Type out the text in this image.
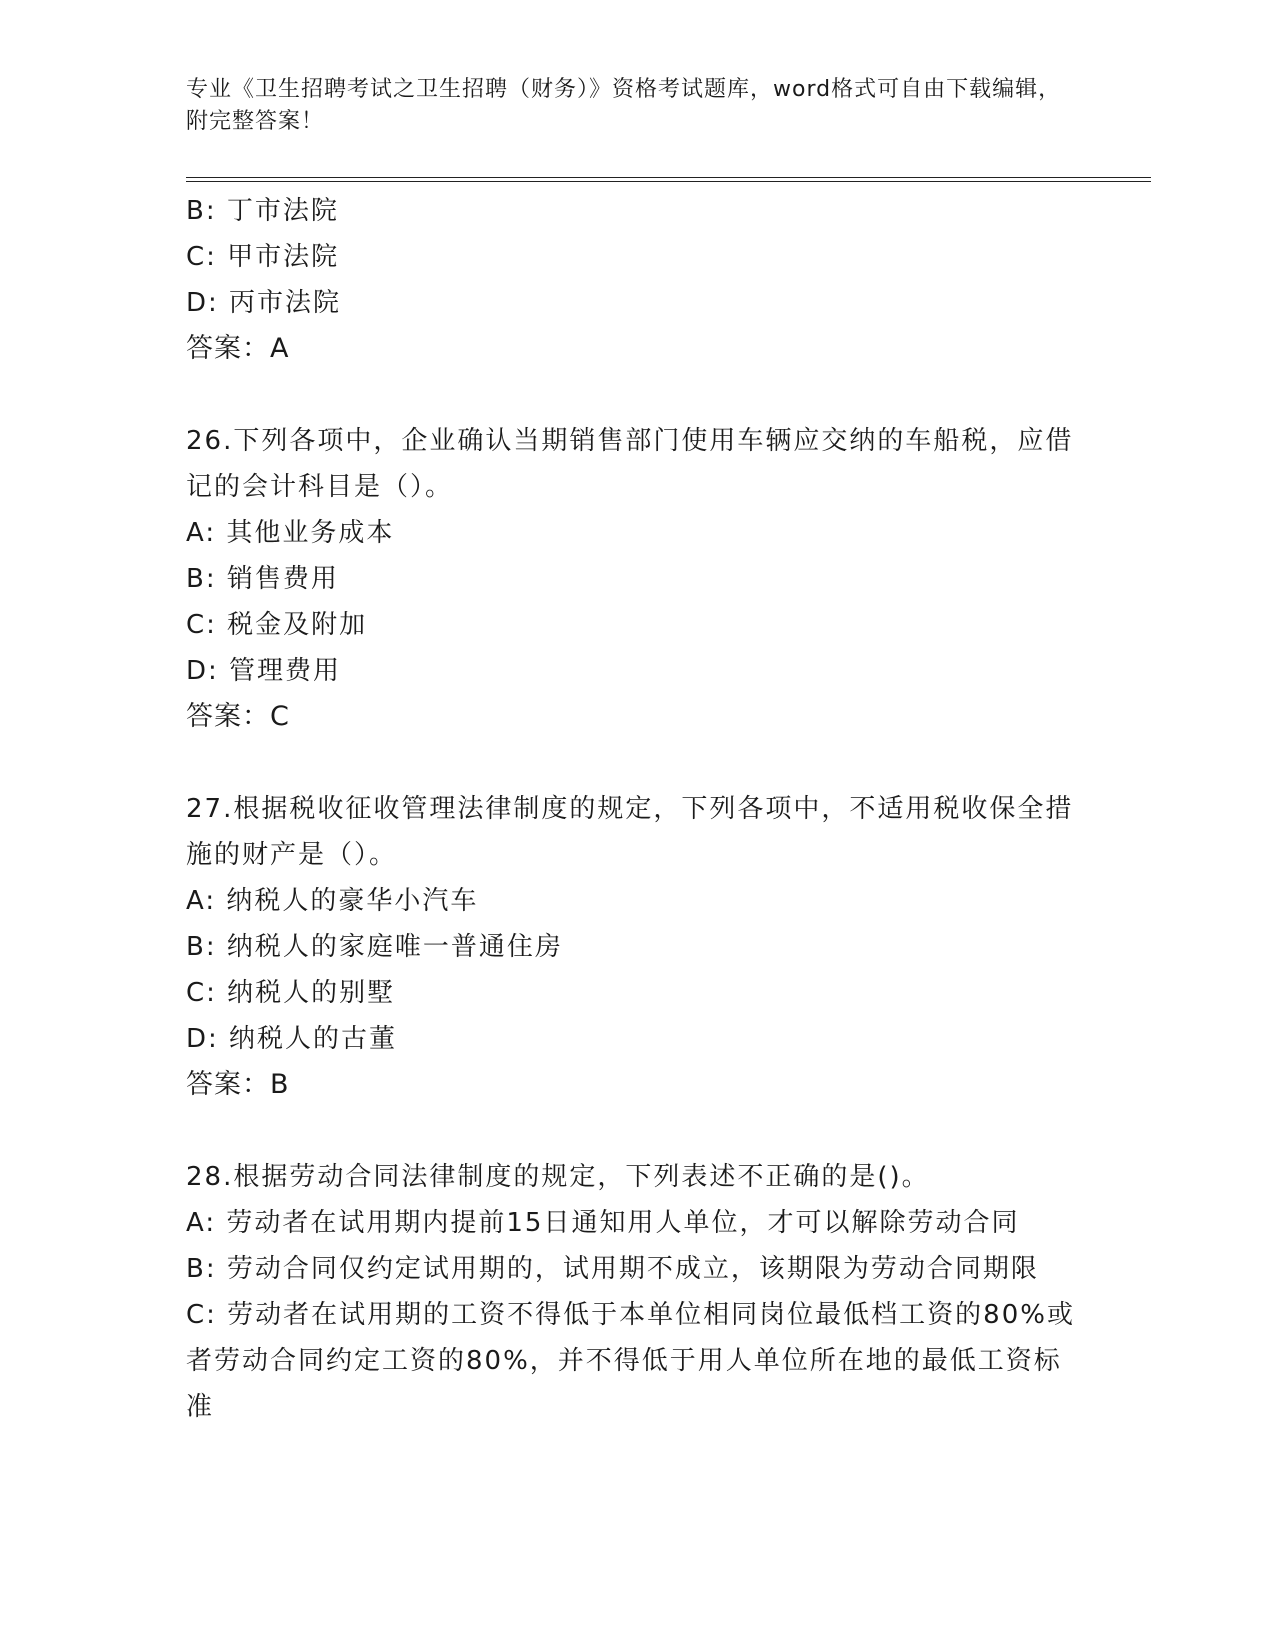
专业《卫生招聘考试之卫生招聘（财务）》资格考试题库，word格式可自由下载编辑，附完整答案！
B: 丁市法院
C: 甲市法院
D: 丙市法院
答案：A
26.下列各项中，企业确认当期销售部门使用车辆应交纳的车船税，应借记的会计科目是（）。
A: 其他业务成本
B: 销售费用
C: 税金及附加
D: 管理费用
答案：C
27.根据税收征收管理法律制度的规定，下列各项中，不适用税收保全措施的财产是（）。
A: 纳税人的豪华小汽车
B: 纳税人的家庭唯一普通住房
C: 纳税人的别墅
D: 纳税人的古董
答案：B
28.根据劳动合同法律制度的规定，下列表述不正确的是()。
A: 劳动者在试用期内提前15日通知用人单位，才可以解除劳动合同
B: 劳动合同仅约定试用期的，试用期不成立，该期限为劳动合同期限
C: 劳动者在试用期的工资不得低于本单位相同岗位最低档工资的80%或者劳动合同约定工资的80%，并不得低于用人单位所在地的最低工资标准
